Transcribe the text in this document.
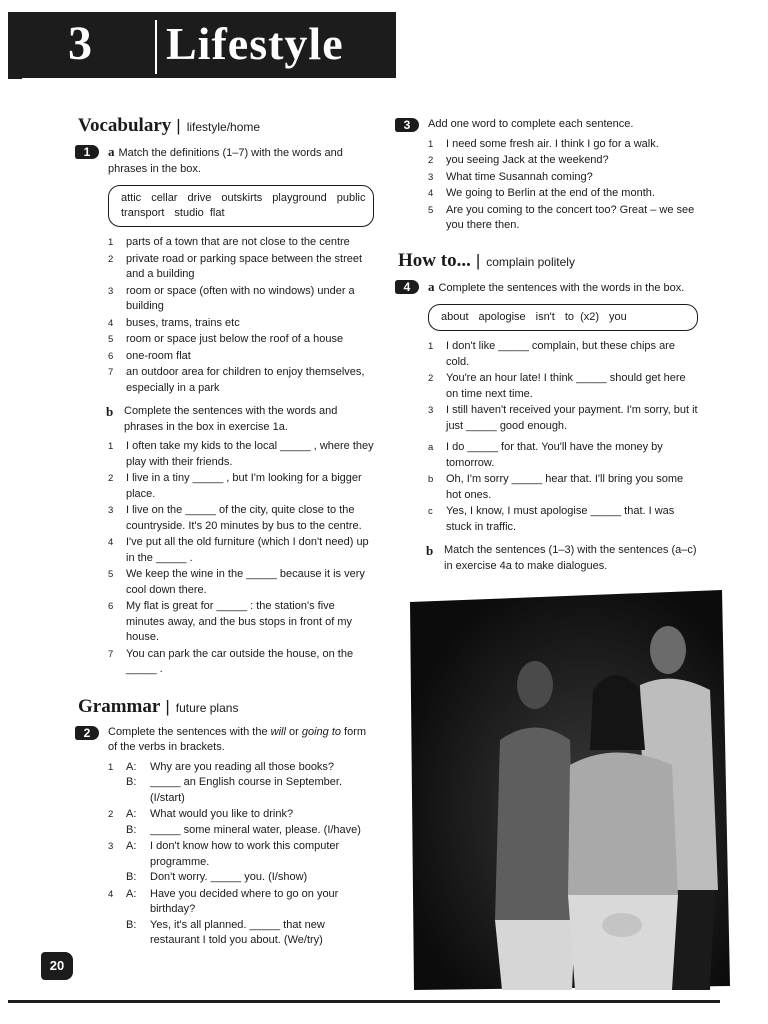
3 Lifestyle
Vocabulary | lifestyle/home
1	a Match the definitions (1–7) with the words and phrases in the box.
attic cellar drive outskirts playground public transport studio flat
1 parts of a town that are not close to the centre
2 private road or parking space between the street and a building
3 room or space (often with no windows) under a building
4 buses, trams, trains etc
5 room or space just below the roof of a house
6 one-room flat
7 an outdoor area for children to enjoy themselves, especially in a park
b Complete the sentences with the words and phrases in the box in exercise 1a.
1 I often take my kids to the local _____ , where they play with their friends.
2 I live in a tiny _____ , but I'm looking for a bigger place.
3 I live on the _____ of the city, quite close to the countryside. It's 20 minutes by bus to the centre.
4 I've put all the old furniture (which I don't need) up in the _____ .
5 We keep the wine in the _____ because it is very cool down there.
6 My flat is great for _____ : the station's five minutes away, and the bus stops in front of my house.
7 You can park the car outside the house, on the _____ .
Grammar | future plans
2	Complete the sentences with the will or going to form of the verbs in brackets.
1 A: Why are you reading all those books?
B: _____ an English course in September. (I/start)
2 A: What would you like to drink?
B: _____ some mineral water, please. (I/have)
3 A: I don't know how to work this computer programme.
B: Don't worry. _____ you. (I/show)
4 A: Have you decided where to go on your birthday?
B: Yes, it's all planned. _____ that new restaurant I told you about. (We/try)
3	Add one word to complete each sentence.
1 I need some fresh air. I think I go for a walk.
2 you seeing Jack at the weekend?
3 What time Susannah coming?
4 We going to Berlin at the end of the month.
5 Are you coming to the concert too? Great – we see you there then.
How to... | complain politely
4	a Complete the sentences with the words in the box.
about apologise isn't to (x2) you
1 I don't like _____ complain, but these chips are cold.
2 You're an hour late! I think _____ should get here on time next time.
3 I still haven't received your payment. I'm sorry, but it just _____ good enough.
a I do _____ for that. You'll have the money by tomorrow.
b Oh, I'm sorry _____ hear that. I'll bring you some hot ones.
c Yes, I know, I must apologise _____ that. I was stuck in traffic.
b Match the sentences (1–3) with the sentences (a–c) in exercise 4a to make dialogues.
20
